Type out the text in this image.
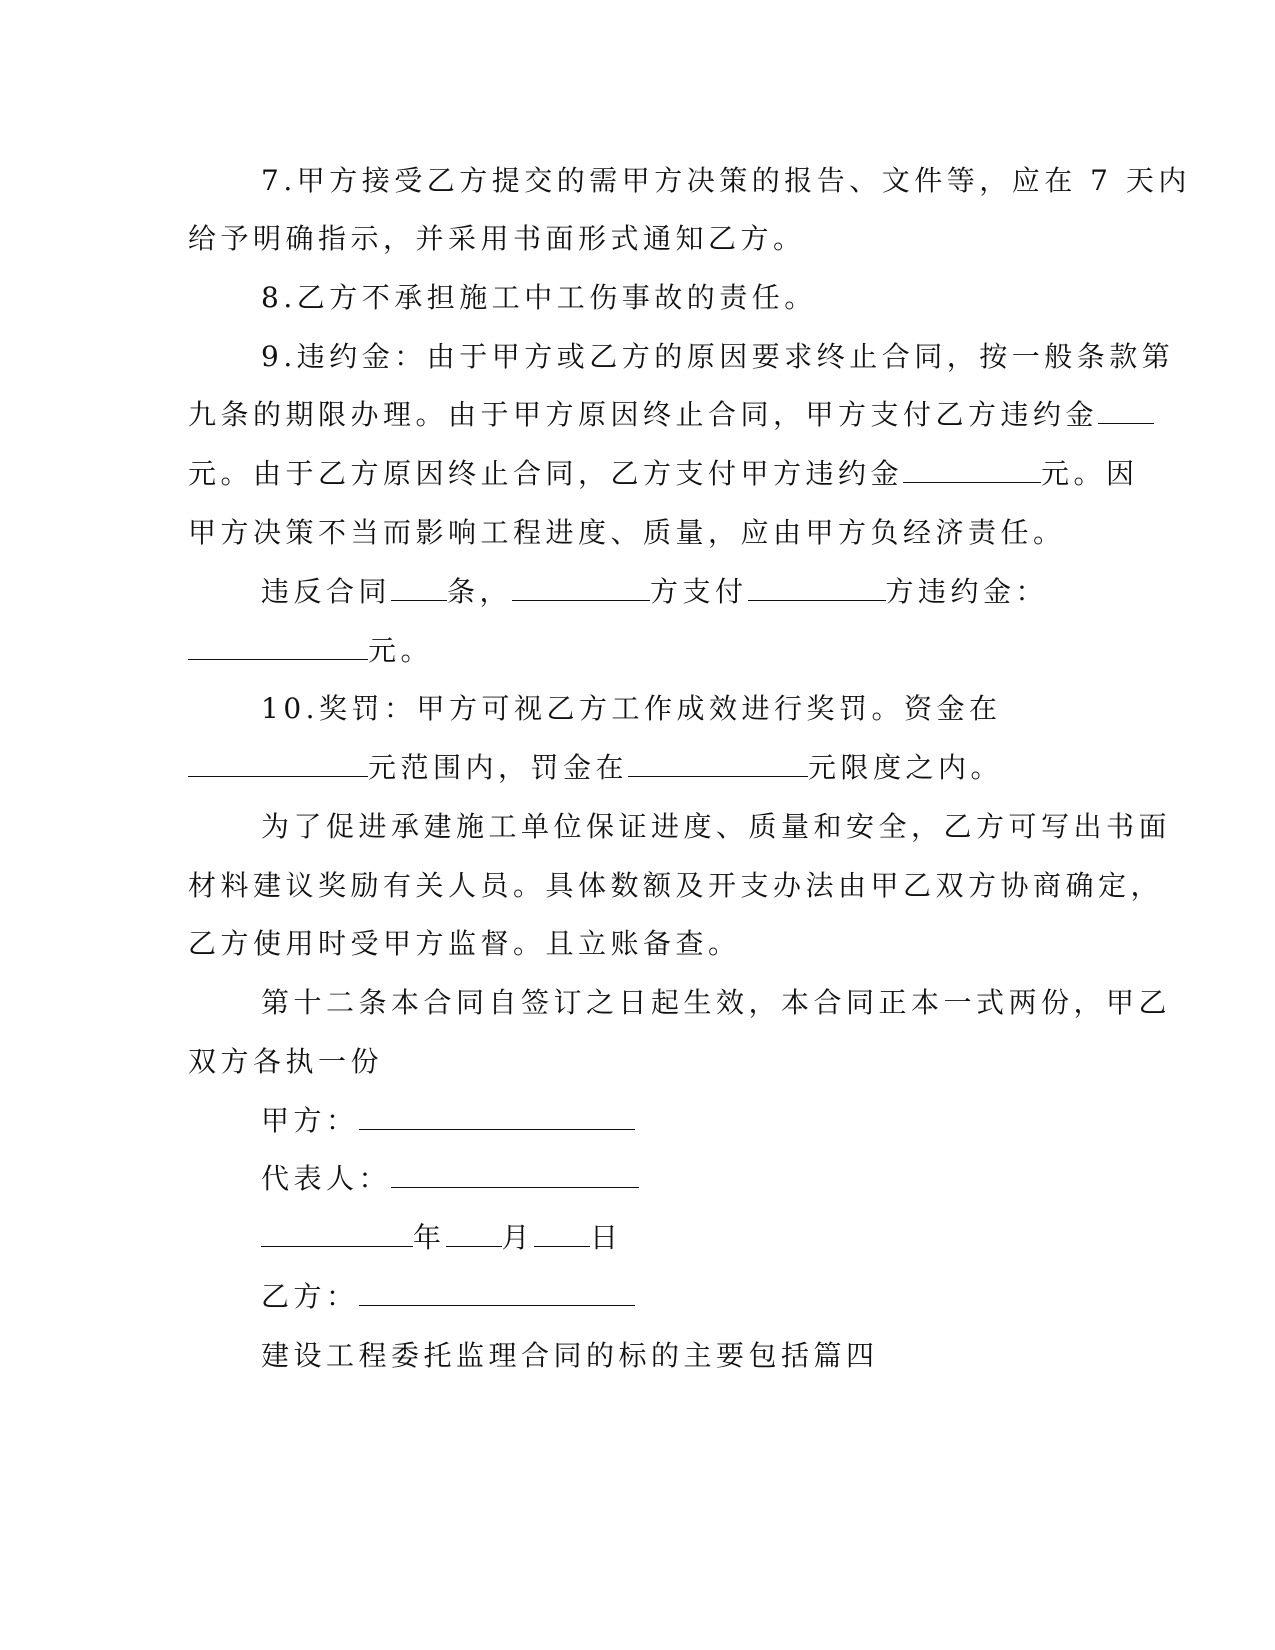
7.甲方接受乙方提交的需甲方决策的报告、文件等，应在 7 天内
给予明确指示，并采用书面形式通知乙方。
8.乙方不承担施工中工伤事故的责任。
9.违约金：由于甲方或乙方的原因要求终止合同，按一般条款第
九条的期限办理。由于甲方原因终止合同，甲方支付乙方违约金
元。由于乙方原因终止合同，乙方支付甲方违约金	元。因
甲方决策不当而影响工程进度、质量，应由甲方负经济责任。
违反合同 条，	方支付	方违约金：
元。
10.奖罚：甲方可视乙方工作成效进行奖罚。资金在
元范围内，罚金在	元限度之内。
为了促进承建施工单位保证进度、质量和安全，乙方可写出书面
材料建议奖励有关人员。具体数额及开支办法由甲乙双方协商确定，
乙方使用时受甲方监督。且立账备查。
第十二条本合同自签订之日起生效，本合同正本一式两份，甲乙
双方各执一份
甲方：
代表人：
年 月 日
乙方：
建设工程委托监理合同的标的主要包括篇四
